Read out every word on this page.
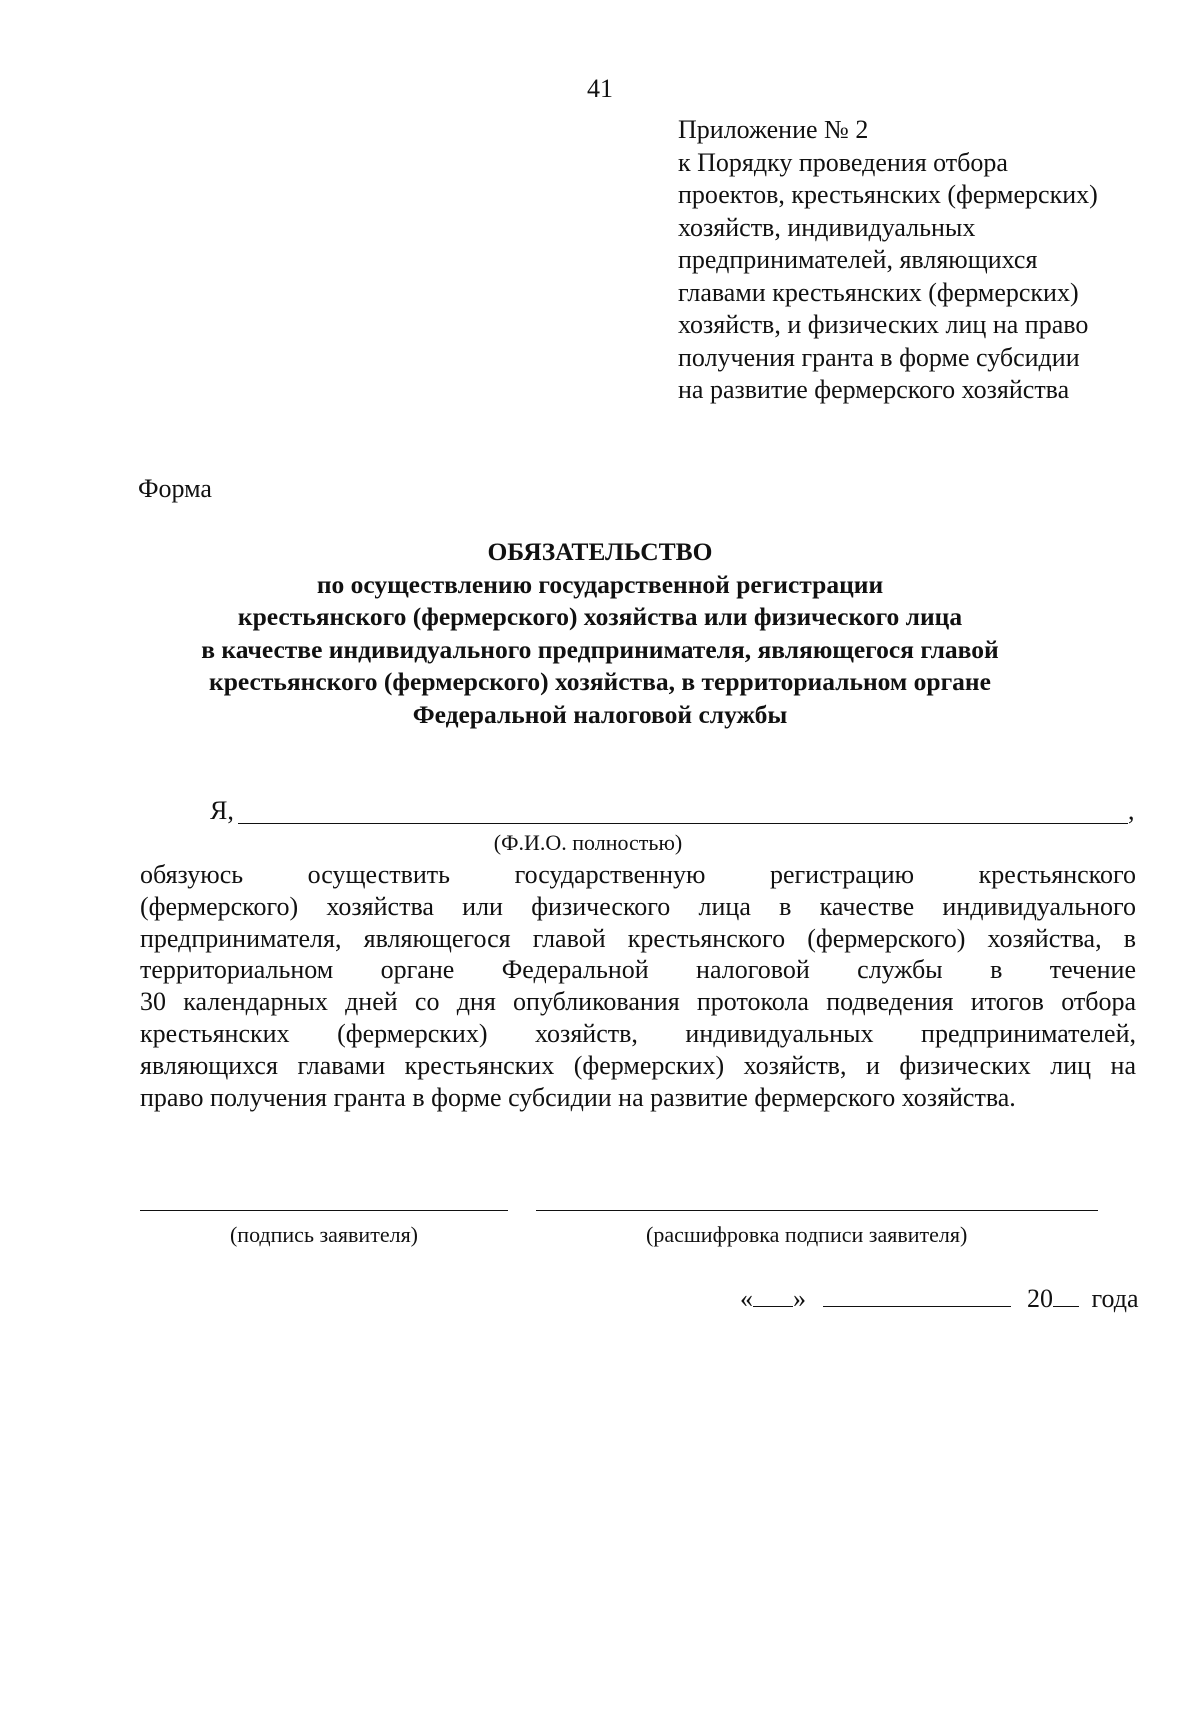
41
Приложение № 2
к Порядку проведения отбора
проектов, крестьянских (фермерских)
хозяйств, индивидуальных
предпринимателей, являющихся
главами крестьянских (фермерских)
хозяйств, и физических лиц на право
получения гранта в форме субсидии
на развитие фермерского хозяйства
Форма
ОБЯЗАТЕЛЬСТВО
по осуществлению государственной регистрации
крестьянского (фермерского) хозяйства или физического лица
в качестве индивидуального предпринимателя, являющегося главой
крестьянского (фермерского) хозяйства, в территориальном органе
Федеральной налоговой службы
Я,	,
(Ф.И.О. полностью)
обязуюсь осуществить государственную регистрацию крестьянского
(фермерского) хозяйства или физического лица в качестве индивидуального
предпринимателя, являющегося главой крестьянского (фермерского) хозяйства, в
территориальном органе Федеральной налоговой службы в течение
30 календарных дней со дня опубликования протокола подведения итогов отбора
крестьянских (фермерских) хозяйств, индивидуальных предпринимателей,
являющихся главами крестьянских (фермерских) хозяйств, и физических лиц на
право получения гранта в форме субсидии на развитие фермерского хозяйства.
(подпись заявителя)	(расшифровка подписи заявителя)
« »	20 года
